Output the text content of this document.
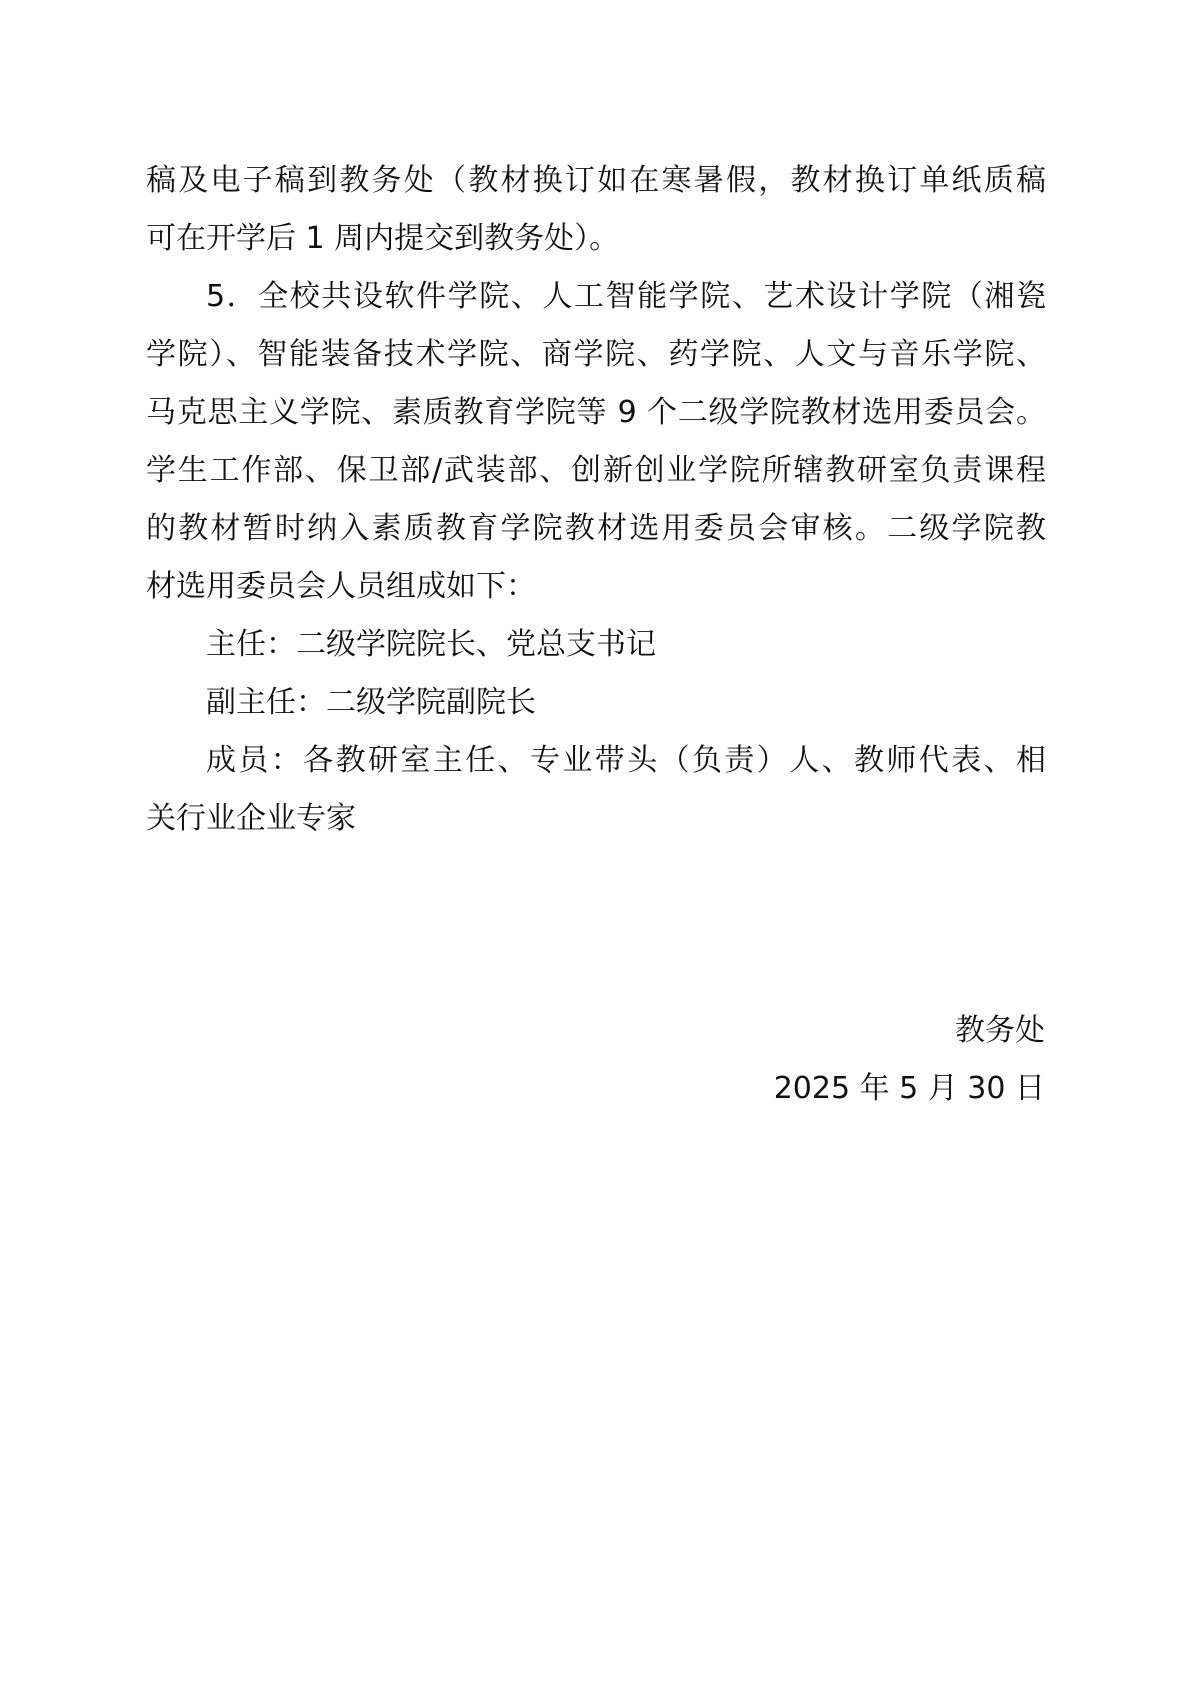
稿及电子稿到教务处（教材换订如在寒暑假，教材换订单纸质稿
可在开学后 1 周内提交到教务处）。
5．全校共设软件学院、人工智能学院、艺术设计学院（湘瓷
学院）、智能装备技术学院、商学院、药学院、人文与音乐学院、
马克思主义学院、素质教育学院等 9 个二级学院教材选用委员会。
学生工作部、保卫部/武装部、创新创业学院所辖教研室负责课程
的教材暂时纳入素质教育学院教材选用委员会审核。二级学院教
材选用委员会人员组成如下：
主任：二级学院院长、党总支书记
副主任：二级学院副院长
成员：各教研室主任、专业带头（负责）人、教师代表、相
关行业企业专家
教务处
2025 年 5 月 30 日
